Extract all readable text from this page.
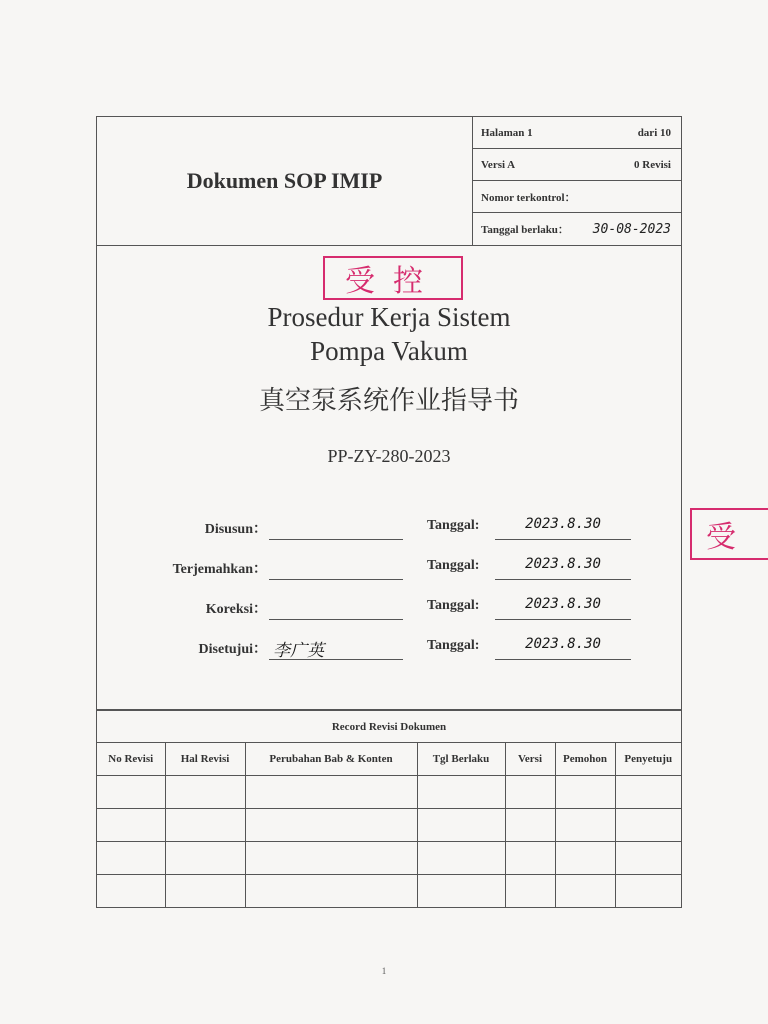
Dokumen SOP IMIP
Halaman 1	dari 10
Versi A	0 Revisi
Nomor terkontrol：
Tanggal berlaku： 30-08-2023
受控
Prosedur Kerja Sistem Pompa Vakum
真空泵系统作业指导书
PP-ZY-280-2023
Disusun：	Tanggal:	2023.8.30
Terjemahkan：	Tanggal:	2023.8.30
Koreksi：	Tanggal:	2023.8.30
Disetujui： 李广英	Tanggal:	2023.8.30
Record Revisi Dokumen
No Revisi	Hal Revisi	Perubahan Bab & Konten	Tgl Berlaku	Versi	Pemohon	Penyetuju

受
1
